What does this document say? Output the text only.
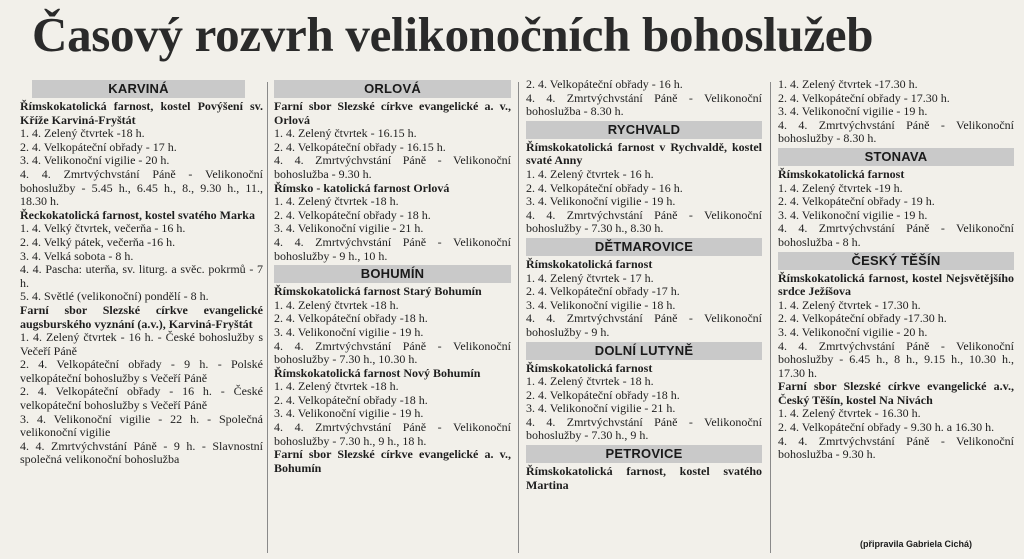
Časový rozvrh velikonočních bohoslužeb
KARVINÁ
Římskokatolická farnost, kostel Povýšení sv. Kříže Karviná-Fryštát
1. 4. Zelený čtvrtek -18 h.
2. 4. Velkopáteční obřady - 17 h.
3. 4. Velikonoční vigilie - 20 h.
4. 4. Zmrtvýchvstání Páně - Velikonoční bohoslužby - 5.45 h., 6.45 h., 8., 9.30 h., 11., 18.30 h.
Řeckokatolická farnost, kostel svatého Marka
1. 4. Velký čtvrtek, večerňa - 16 h.
2. 4. Velký pátek, večerňa -16 h.
3. 4. Velká sobota - 8 h.
4. 4. Pascha: uterňa, sv. liturg. a svěc. pokrmů - 7 h.
5. 4. Světlé (velikonoční) pondělí - 8 h.
Farní sbor Slezské církve evangelické augsburského vyznání (a.v.), Karviná-Fryštát
1. 4. Zelený čtvrtek - 16 h. - České bohoslužby s Večeří Páně
2. 4. Velkopáteční obřady - 9 h. - Polské velkopáteční bohoslužby s Večeří Páně
2. 4. Velkopáteční obřady - 16 h. - České velkopáteční bohoslužby s Večeří Páně
3. 4. Velikonoční vigilie - 22 h. - Společná velikonoční vigilie
4. 4. Zmrtvýchvstání Páně - 9 h. - Slavnostní společná velikonoční bohoslužba
ORLOVÁ
Farní sbor Slezské církve evangelické a. v., Orlová
1. 4. Zelený čtvrtek - 16.15 h.
2. 4. Velkopáteční obřady - 16.15 h.
4. 4. Zmrtvýchvstání Páně - Velikonoční bohoslužba - 9.30 h.
Římsko - katolická farnost Orlová
1. 4. Zelený čtvrtek -18 h.
2. 4. Velkopáteční obřady - 18 h.
3. 4. Velikonoční vigilie - 21 h.
4. 4. Zmrtvýchvstání Páně - Velikonoční bohoslužby - 9 h., 10 h.
BOHUMÍN
Římskokatolická farnost Starý Bohumín
1. 4. Zelený čtvrtek -18 h.
2. 4. Velkopáteční obřady -18 h.
3. 4. Velikonoční vigilie - 19 h.
4. 4. Zmrtvýchvstání Páně - Velikonoční bohoslužby - 7.30 h., 10.30 h.
Římskokatolická farnost Nový Bohumín
1. 4. Zelený čtvrtek -18 h.
2. 4. Velkopáteční obřady -18 h.
3. 4. Velikonoční vigilie - 19 h.
4. 4. Zmrtvýchvstání Páně - Velikonoční bohoslužby - 7.30 h., 9 h., 18 h.
Farní sbor Slezské církve evangelické a. v., Bohumín
2. 4. Velkopáteční obřady - 16 h.
4. 4. Zmrtvýchvstání Páně - Velikonoční bohoslužba - 8.30 h.
RYCHVALD
Římskokatolická farnost v Rychvaldě, kostel svaté Anny
1. 4. Zelený čtvrtek - 16 h.
2. 4. Velkopáteční obřady - 16 h.
3. 4. Velikonoční vigilie - 19 h.
4. 4. Zmrtvýchvstání Páně - Velikonoční bohoslužby - 7.30 h., 8.30 h.
DĚTMAROVICE
Římskokatolická farnost
1. 4. Zelený čtvrtek - 17 h.
2. 4. Velkopáteční obřady -17 h.
3. 4. Velikonoční vigilie - 18 h.
4. 4. Zmrtvýchvstání Páně - Velikonoční bohoslužby - 9 h.
DOLNÍ LUTYNĚ
Římskokatolická farnost
1. 4. Zelený čtvrtek - 18 h.
2. 4. Velkopáteční obřady -18 h.
3. 4. Velikonoční vigilie - 21 h.
4. 4. Zmrtvýchvstání Páně - Velikonoční bohoslužby - 7.30 h., 9 h.
PETROVICE
Římskokatolická farnost, kostel svatého Martina
1. 4. Zelený čtvrtek -17.30 h.
2. 4. Velkopáteční obřady - 17.30 h.
3. 4. Velikonoční vigilie - 19 h.
4. 4. Zmrtvýchvstání Páně - Velikonoční bohoslužby - 8.30 h.
STONAVA
Římskokatolická farnost
1. 4. Zelený čtvrtek -19 h.
2. 4. Velkopáteční obřady - 19 h.
3. 4. Velikonoční vigilie - 19 h.
4. 4. Zmrtvýchvstání Páně - Velikonoční bohoslužba - 8 h.
ČESKÝ TĚŠÍN
Římskokatolická farnost, kostel Nejsvětějšího srdce Ježíšova
1. 4. Zelený čtvrtek - 17.30 h.
2. 4. Velkopáteční obřady -17.30 h.
3. 4. Velikonoční vigilie - 20 h.
4. 4. Zmrtvýchvstání Páně - Velikonoční bohoslužby - 6.45 h., 8 h., 9.15 h., 10.30 h., 17.30 h.
Farní sbor Slezské církve evangelické a.v., Český Těšín, kostel Na Nivách
1. 4. Zelený čtvrtek - 16.30 h.
2. 4. Velkopáteční obřady - 9.30 h. a 16.30 h.
4. 4. Zmrtvýchvstání Páně - Velikonoční bohoslužba - 9.30 h.
(připravila Gabriela Cichá)
